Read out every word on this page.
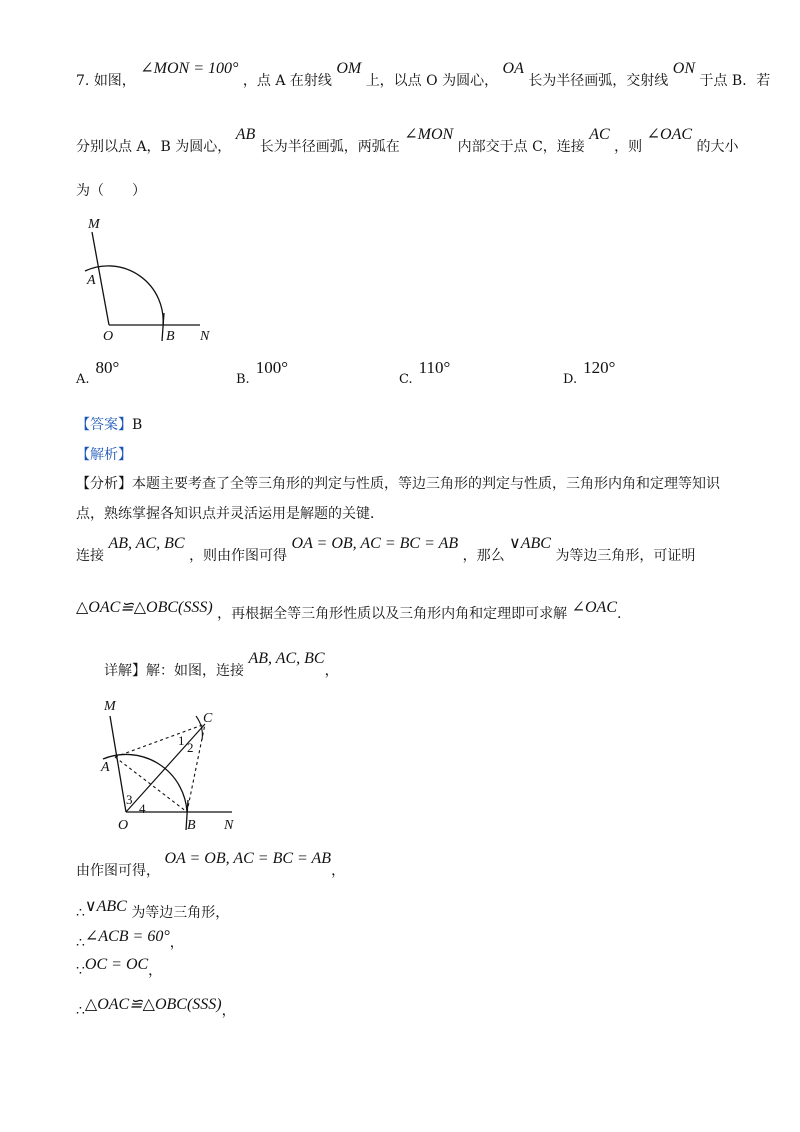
7. 如图， ∠MON = 100° ，点 A 在射线 OM 上，以点 O 为圆心， OA 长为半径画弧，交射线 ON 于点 B．若
分别以点 A，B 为圆心， AB 长为半径画弧，两弧在 ∠MON 内部交于点 C，连接 AC ，则 ∠OAC 的大小
为（　　）
M
A
O	B N
A.80°
B.100°
C.110°
D.120°
【答案】B
【解析】
【分析】本题主要考查了全等三角形的判定与性质，等边三角形的判定与性质，三角形内角和定理等知识
点，熟练掌握各知识点并灵活运用是解题的关键．
连接 AB, AC, BC ，则由作图可得 OA = OB, AC = BC = AB ，那么 ∨ABC 为等边三角形，可证明
△OAC≌△OBC(SSS) ，再根据全等三角形性质以及三角形内角和定理即可求解 ∠OAC.
详解】解：如图，连接 AB, AC, BC，
M
C
A
O	B N
1 2
3
4
由作图可得， OA = OB, AC = BC = AB，
∴∨ABC 为等边三角形，
∴∠ACB = 60°，
∵OC = OC，
∴△OAC≌△OBC(SSS)，
